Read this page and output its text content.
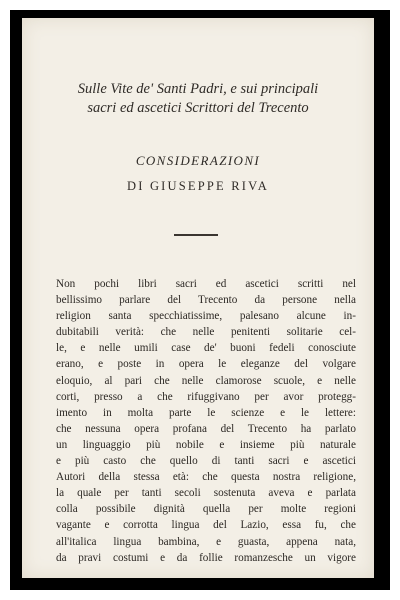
Sulle Vite de' Santi Padri, e sui principali
sacri ed ascetici Scrittori del Trecento
CONSIDERAZIONI
DI GIUSEPPE RIVA
Non pochi libri sacri ed ascetici scritti nel
bellissimo parlare del Trecento da persone nella
religion santa specchiatissime, palesano alcune in-
dubitabili verità: che nelle penitenti solitarie cel-
le, e nelle umili case de' buoni fedeli conosciute
erano, e poste in opera le eleganze del volgare
eloquio, al pari che nelle clamorose scuole, e nelle
corti, presso a che rifuggivano per avor protegg-
imento in molta parte le scienze e le lettere:
che nessuna opera profana del Trecento ha parlato
un linguaggio più nobile e insieme più naturale
e più casto che quello di tanti sacri e ascetici
Autori della stessa età: che questa nostra religione,
la quale per tanti secoli sostenuta aveva e parlata
colla possibile dignità quella per molte regioni
vagante e corrotta lingua del Lazio, essa fu, che
all'italica lingua bambina, e guasta, appena nata,
da pravi costumi e da follie romanzesche un vigore
